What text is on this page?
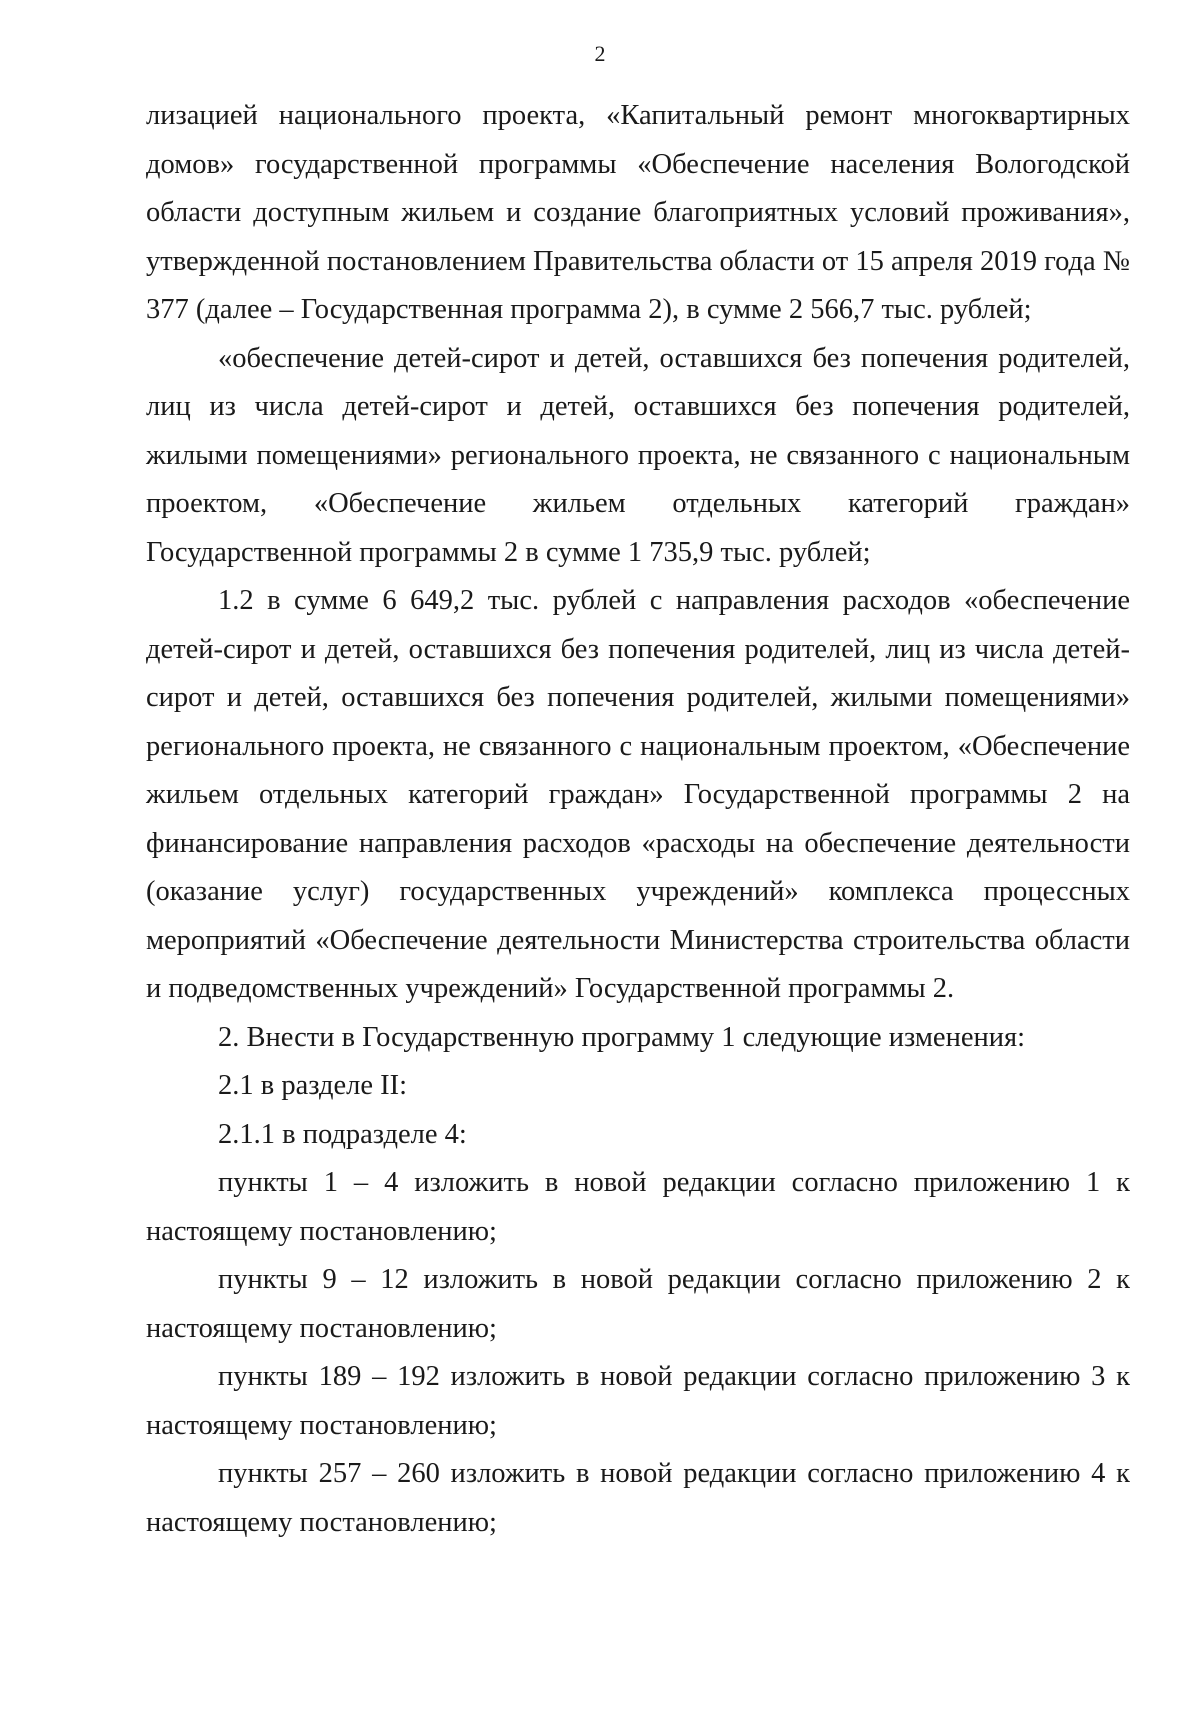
2

лизацией национального проекта, «Капитальный ремонт многоквартирных домов» государственной программы «Обеспечение населения Вологодской области доступным жильем и создание благоприятных условий проживания», утвержденной постановлением Правительства области от 15 апреля 2019 года № 377 (далее – Государственная программа 2), в сумме 2 566,7 тыс. рублей;

«обеспечение детей-сирот и детей, оставшихся без попечения родителей, лиц из числа детей-сирот и детей, оставшихся без попечения родителей, жилыми помещениями» регионального проекта, не связанного с национальным проектом, «Обеспечение жильем отдельных категорий граждан» Государственной программы 2 в сумме 1 735,9 тыс. рублей;

1.2 в сумме 6 649,2 тыс. рублей с направления расходов «обеспечение детей-сирот и детей, оставшихся без попечения родителей, лиц из числа детей-сирот и детей, оставшихся без попечения родителей, жилыми помещениями» регионального проекта, не связанного с национальным проектом, «Обеспечение жильем отдельных категорий граждан» Государственной программы 2 на финансирование направления расходов «расходы на обеспечение деятельности (оказание услуг) государственных учреждений» комплекса процессных мероприятий «Обеспечение деятельности Министерства строительства области и подведомственных учреждений» Государственной программы 2.

2. Внести в Государственную программу 1 следующие изменения:

2.1 в разделе II:

2.1.1 в подразделе 4:

пункты 1 – 4 изложить в новой редакции согласно приложению 1 к настоящему постановлению;

пункты 9 – 12 изложить в новой редакции согласно приложению 2 к настоящему постановлению;

пункты 189 – 192 изложить в новой редакции согласно приложению 3 к настоящему постановлению;

пункты 257 – 260 изложить в новой редакции согласно приложению 4 к настоящему постановлению;
